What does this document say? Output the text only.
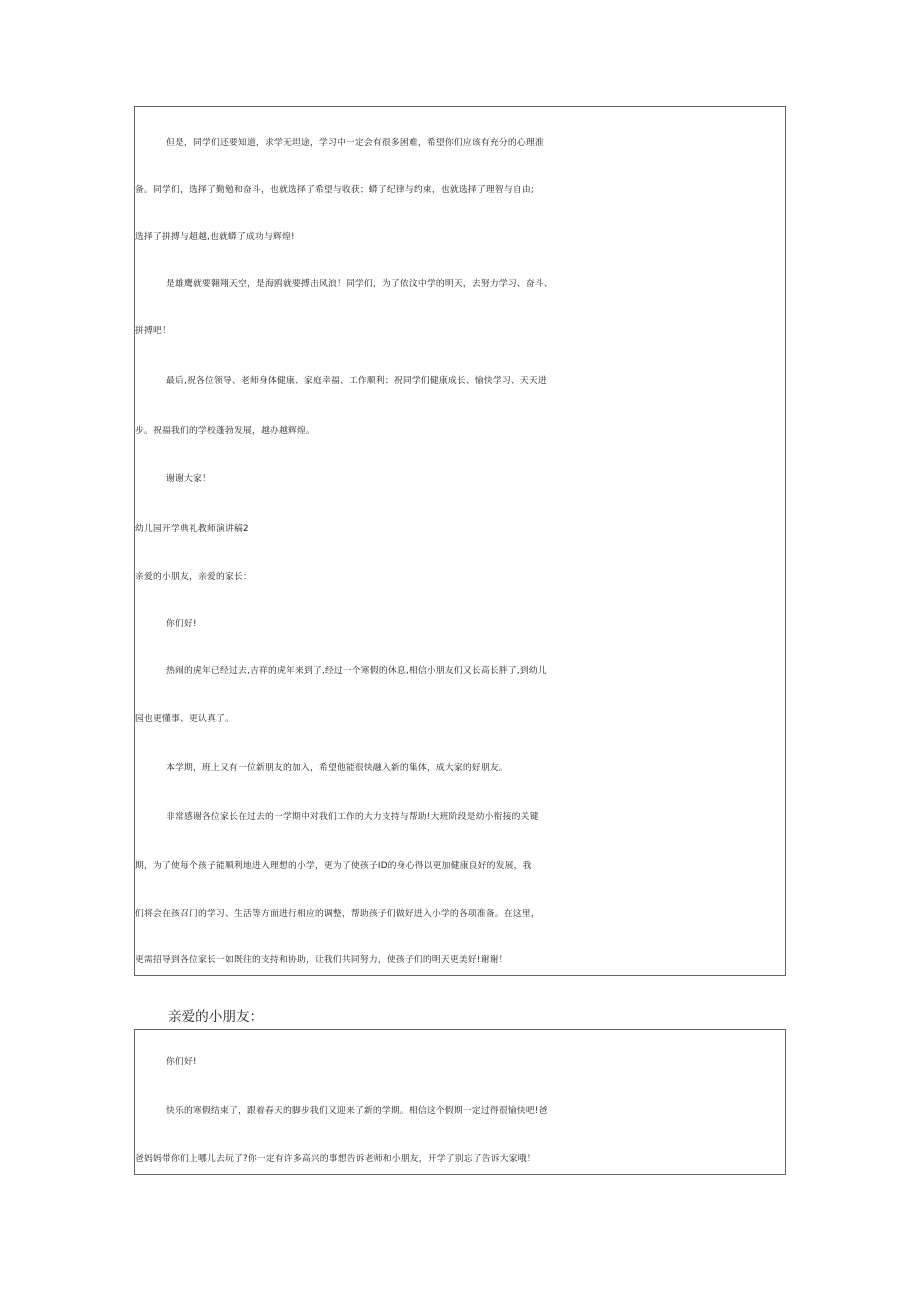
但是，同学们还要知道，求学无坦途，学习中一定会有很多困难，希望你们应该有充分的心理准
备。同学们，选择了勤勉和奋斗，也就选择了希望与收获；蟒了纪律与约束，也就选择了理智与自由;
选择了拼搏与超越,也就蟒了成功与辉煌!
是雄鹰就要翱翔天空，是海鸥就要搏击风浪！同学们，为了依汶中学的明天，去努力学习、奋斗、
拼搏吧！
最后,祝各位领导、老师身体健康、家庭幸福、工作顺利；祝同学们健康成长、愉快学习、天天进
步。祝福我们的学校蓬勃发展，越办越辉煌。
谢谢大家！
幼儿园开学典礼教师演讲稿2
亲爱的小朋友，亲爱的家长：
你们好!
热闹的虎年已经过去,吉祥的虎年来到了,经过一个寒假的休息,相信小朋友们又长高长胖了,到幼儿
园也更懂事、更认真了。
本学期，班上又有一位新朋友的加入，希望他能很快融入新的集体，成大家的好朋友。
非常感谢各位家长在过去的一学期中对我们工作的大力支持与帮助!大班阶段是幼小衔接的关键
期，为了使每个孩子能顺利地进入理想的小学，更为了使孩子ID的身心得以更加健康良好的发展，我
们将会在孩召门的学习、生活等方面进行相应的调整，帮助孩子们做好进入小学的各项准备。在这里，
更需招导到各位家长一如既往的支持和协助，让我们共同努力，使孩子们的明天更美好!谢谢！
亲爱的小朋友：
你们好!
快乐的寒假结束了，跟着春天的脚步我们又迎来了新的学期。相信这个假期一定过得很愉快吧!爸
爸妈妈带你们上哪儿去玩了?你一定有许多高兴的事想告诉老师和小朋友，开学了别忘了告诉大家哦！
